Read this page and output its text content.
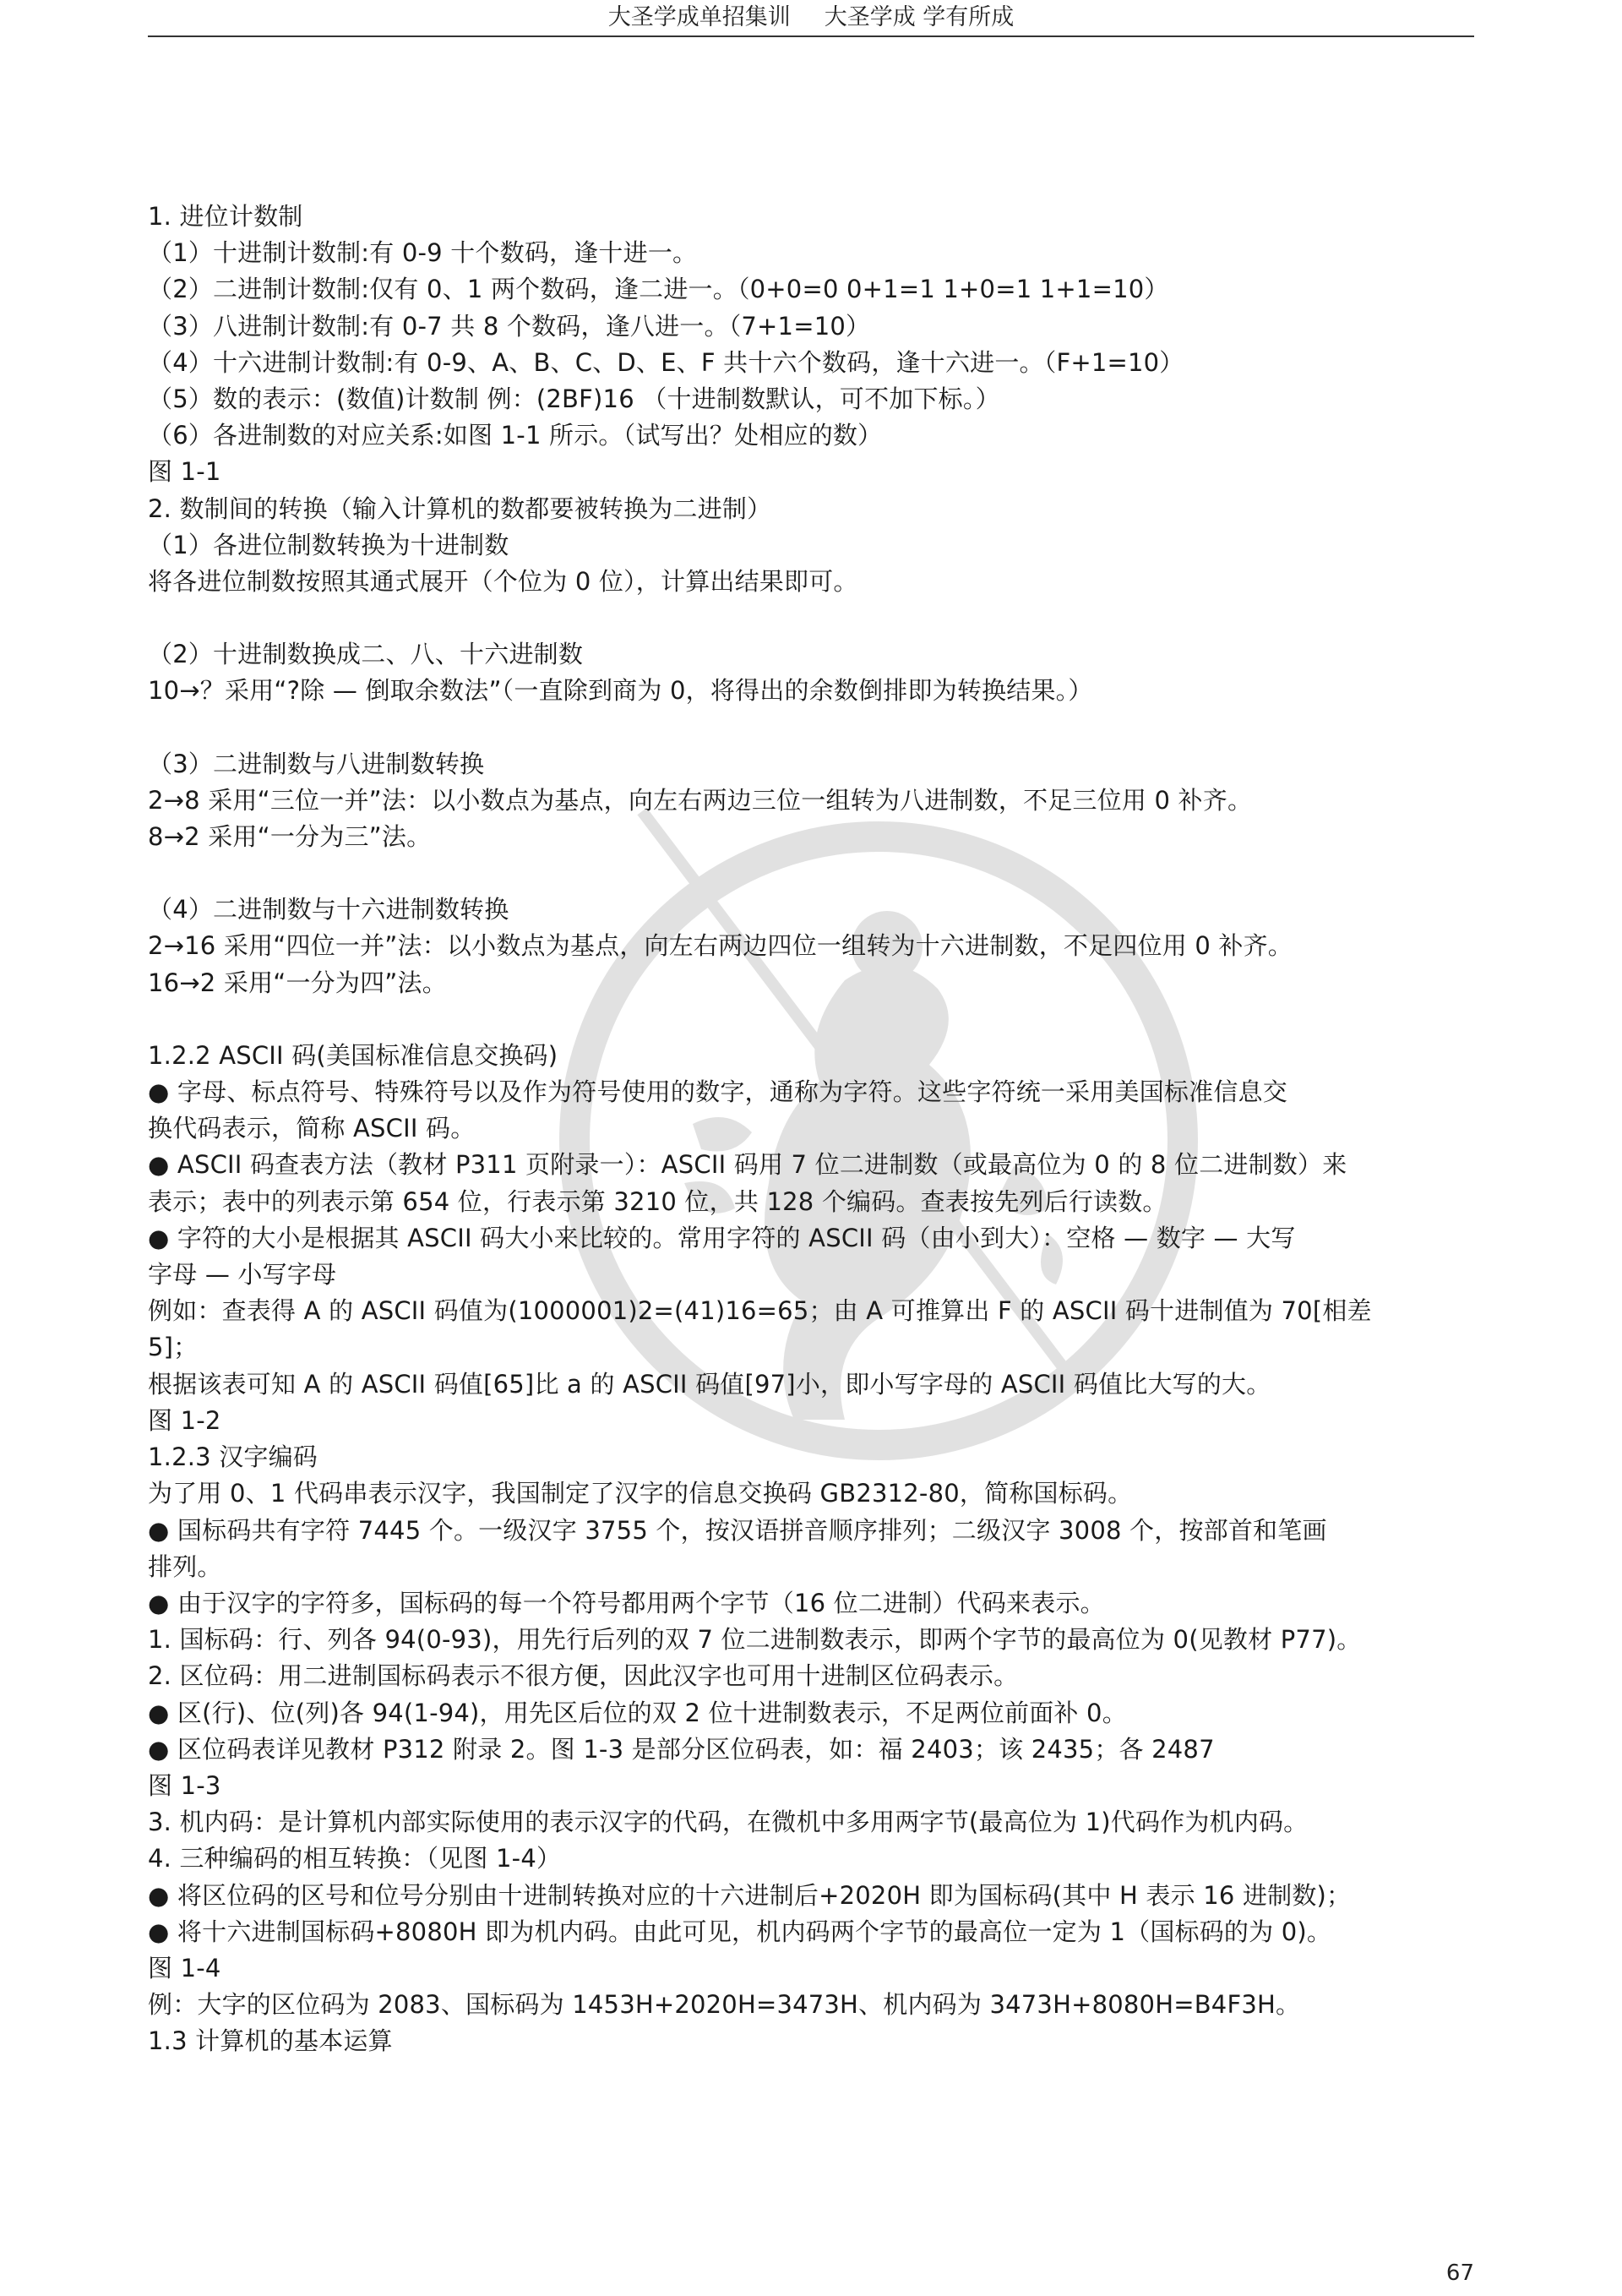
大圣学成单招集训 大圣学成 学有所成
1. 进位计数制
（1）十进制计数制:有 0-9 十个数码，逢十进一。
（2）二进制计数制:仅有 0、1 两个数码，逢二进一。（0+0=0 0+1=1 1+0=1 1+1=10）
（3）八进制计数制:有 0-7 共 8 个数码，逢八进一。（7+1=10）
（4）十六进制计数制:有 0-9、A、B、C、D、E、F 共十六个数码，逢十六进一。（F+1=10）
（5）数的表示：(数值)计数制 例：(2BF)16 （十进制数默认，可不加下标。）
（6）各进制数的对应关系:如图 1-1 所示。（试写出？处相应的数）
图 1-1
2. 数制间的转换（输入计算机的数都要被转换为二进制）
（1）各进位制数转换为十进制数
将各进位制数按照其通式展开（个位为 0 位），计算出结果即可。
（2）十进制数换成二、八、十六进制数
10→？采用“?除 — 倒取余数法”（一直除到商为 0，将得出的余数倒排即为转换结果。）
（3）二进制数与八进制数转换
2→8 采用“三位一并”法：以小数点为基点，向左右两边三位一组转为八进制数，不足三位用 0 补齐。
8→2 采用“一分为三”法。
（4）二进制数与十六进制数转换
2→16 采用“四位一并”法：以小数点为基点，向左右两边四位一组转为十六进制数，不足四位用 0 补齐。
16→2 采用“一分为四”法。
1.2.2 ASCII 码(美国标准信息交换码)
● 字母、标点符号、特殊符号以及作为符号使用的数字，通称为字符。这些字符统一采用美国标准信息交
换代码表示，简称 ASCII 码。
● ASCII 码查表方法（教材 P311 页附录一）：ASCII 码用 7 位二进制数（或最高位为 0 的 8 位二进制数）来
表示；表中的列表示第 654 位，行表示第 3210 位，共 128 个编码。查表按先列后行读数。
● 字符的大小是根据其 ASCII 码大小来比较的。常用字符的 ASCII 码（由小到大）：空格 — 数字 — 大写
字母 — 小写字母
例如：查表得 A 的 ASCII 码值为(1000001)2=(41)16=65；由 A 可推算出 F 的 ASCII 码十进制值为 70[相差
5]；
根据该表可知 A 的 ASCII 码值[65]比 a 的 ASCII 码值[97]小，即小写字母的 ASCII 码值比大写的大。
图 1-2
1.2.3 汉字编码
为了用 0、1 代码串表示汉字，我国制定了汉字的信息交换码 GB2312-80，简称国标码。
● 国标码共有字符 7445 个。一级汉字 3755 个，按汉语拼音顺序排列；二级汉字 3008 个，按部首和笔画
排列。
● 由于汉字的字符多，国标码的每一个符号都用两个字节（16 位二进制）代码来表示。
1. 国标码：行、列各 94(0-93)，用先行后列的双 7 位二进制数表示，即两个字节的最高位为 0(见教材 P77)。
2. 区位码：用二进制国标码表示不很方便，因此汉字也可用十进制区位码表示。
● 区(行)、位(列)各 94(1-94)，用先区后位的双 2 位十进制数表示，不足两位前面补 0。
● 区位码表详见教材 P312 附录 2。图 1-3 是部分区位码表，如：福 2403；该 2435；各 2487
图 1-3
3. 机内码：是计算机内部实际使用的表示汉字的代码，在微机中多用两字节(最高位为 1)代码作为机内码。
4. 三种编码的相互转换：（见图 1-4）
● 将区位码的区号和位号分别由十进制转换对应的十六进制后+2020H 即为国标码(其中 H 表示 16 进制数)；
● 将十六进制国标码+8080H 即为机内码。由此可见，机内码两个字节的最高位一定为 1（国标码的为 0)。
图 1-4
例：大字的区位码为 2083、国标码为 1453H+2020H=3473H、机内码为 3473H+8080H=B4F3H。
1.3 计算机的基本运算
67
